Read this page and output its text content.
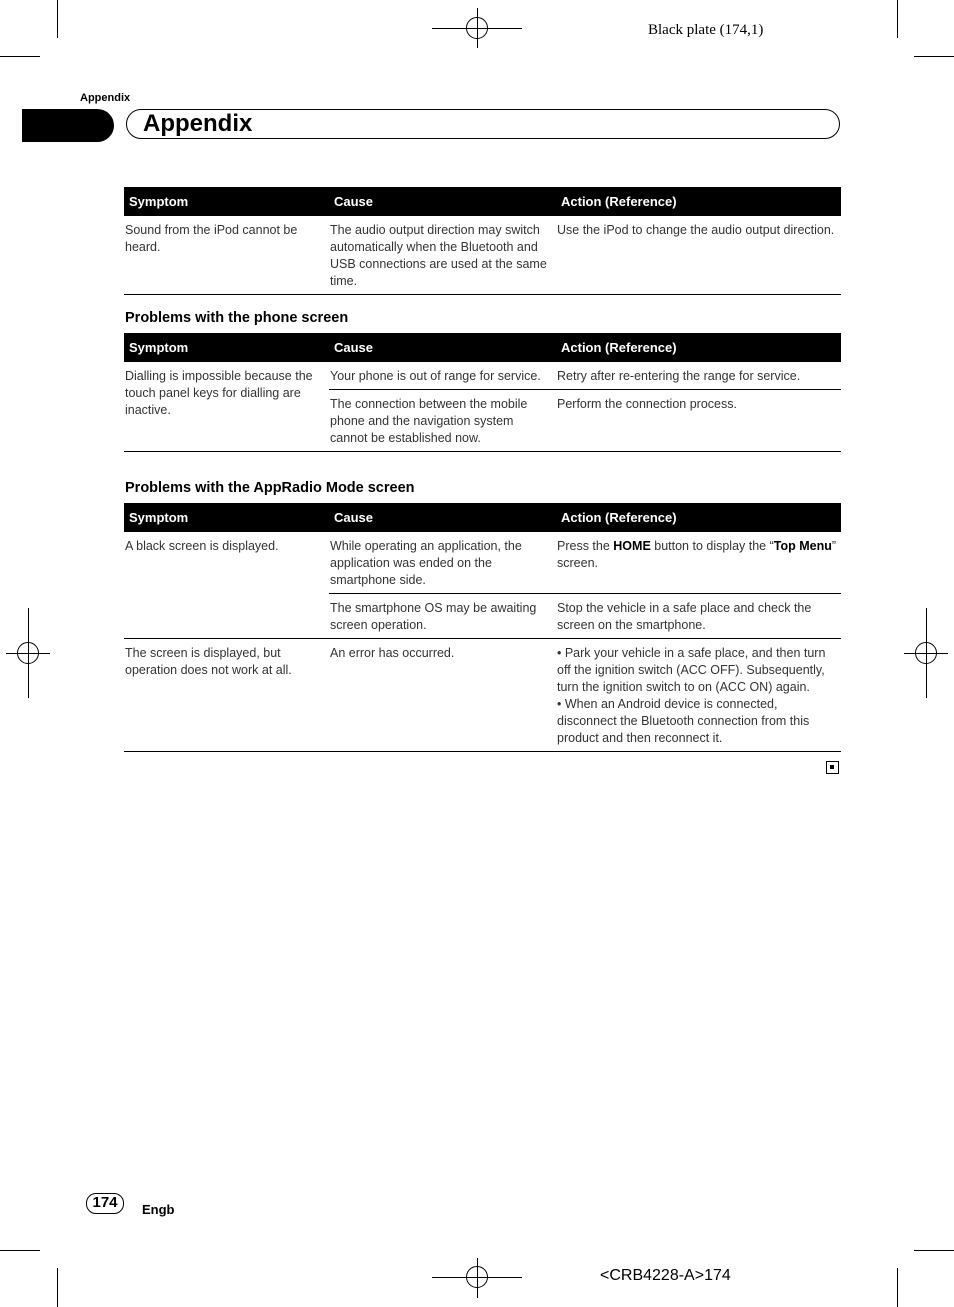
Black plate (174,1)
<CRB4228-A>174
Appendix
Appendix
Symptom	Cause	Action (Reference)
Sound from the iPod cannot be heard.	The audio output direction may switch automatically when the Bluetooth and USB connections are used at the same time.	Use the iPod to change the audio output direction.
Problems with the phone screen
Symptom	Cause	Action (Reference)
Dialling is impossible because the touch panel keys for dialling are inactive.	Your phone is out of range for service.	Retry after re-entering the range for service.
	The connection between the mobile phone and the navigation system cannot be established now.	Perform the connection process.
Problems with the AppRadio Mode screen
Symptom	Cause	Action (Reference)
A black screen is displayed.	While operating an application, the application was ended on the smartphone side.	Press the HOME button to display the “Top Menu” screen.
	The smartphone OS may be awaiting screen operation.	Stop the vehicle in a safe place and check the screen on the smartphone.
The screen is displayed, but operation does not work at all.	An error has occurred.	• Park your vehicle in a safe place, and then turn off the ignition switch (ACC OFF). Subsequently, turn the ignition switch to on (ACC ON) again.
• When an Android device is connected, disconnect the Bluetooth connection from this product and then reconnect it.
174	Engb
